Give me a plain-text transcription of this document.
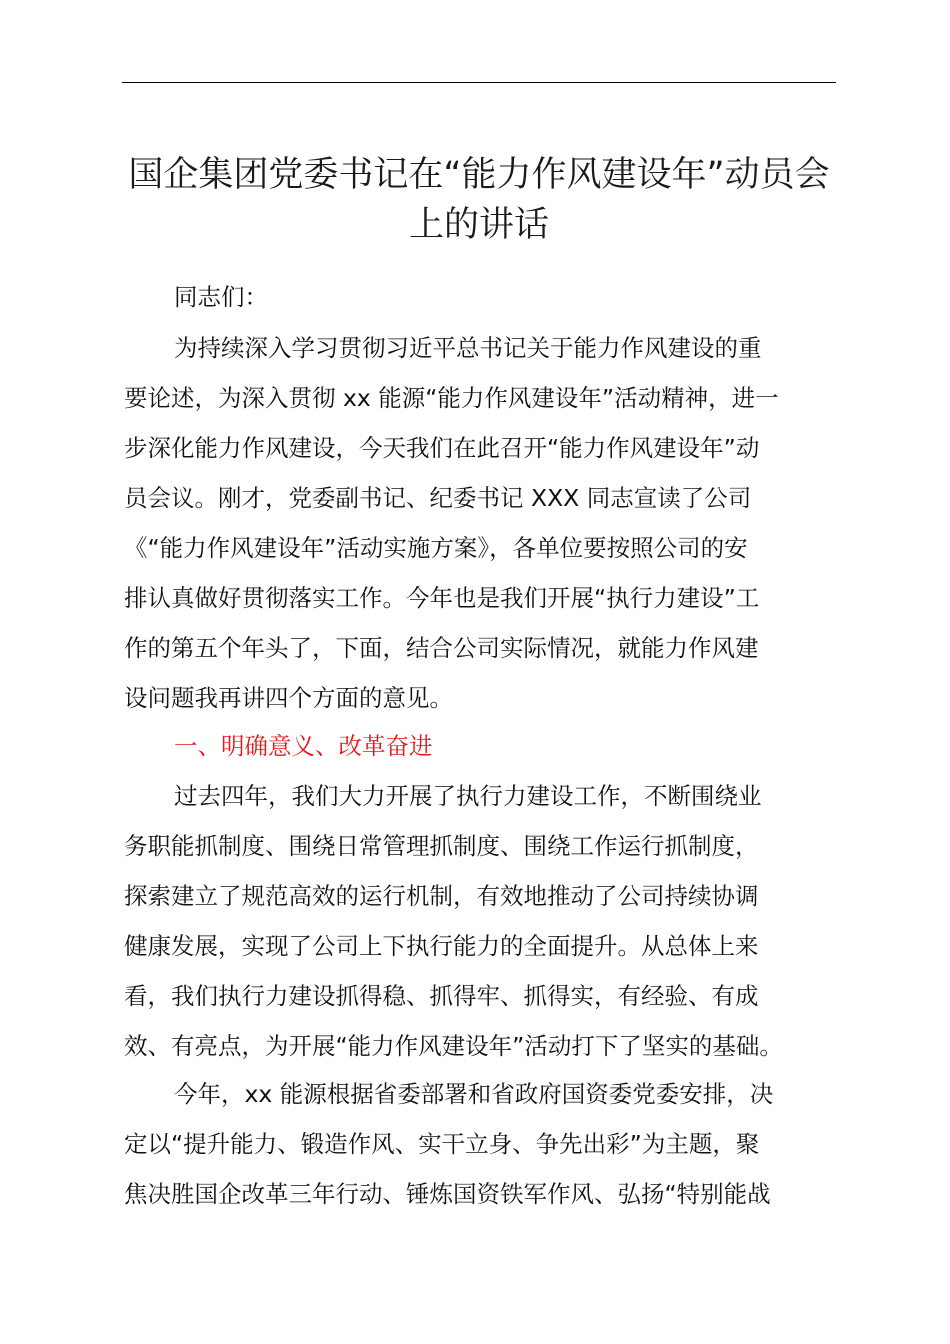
国企集团党委书记在“能力作风建设年”动员会
上的讲话

同志们：

为持续深入学习贯彻习近平总书记关于能力作风建设的重
要论述，为深入贯彻 xx 能源“能力作风建设年”活动精神，进一
步深化能力作风建设，今天我们在此召开“能力作风建设年”动
员会议。刚才，党委副书记、纪委书记 XXX 同志宣读了公司
《“能力作风建设年”活动实施方案》，各单位要按照公司的安
排认真做好贯彻落实工作。今年也是我们开展“执行力建设”工
作的第五个年头了，下面，结合公司实际情况，就能力作风建
设问题我再讲四个方面的意见。

一、明确意义、改革奋进

过去四年，我们大力开展了执行力建设工作，不断围绕业
务职能抓制度、围绕日常管理抓制度、围绕工作运行抓制度，
探索建立了规范高效的运行机制，有效地推动了公司持续协调
健康发展，实现了公司上下执行能力的全面提升。从总体上来
看，我们执行力建设抓得稳、抓得牢、抓得实，有经验、有成
效、有亮点，为开展“能力作风建设年”活动打下了坚实的基础。
今年，xx 能源根据省委部署和省政府国资委党委安排，决
定以“提升能力、锻造作风、实干立身、争先出彩”为主题，聚
焦决胜国企改革三年行动、锤炼国资铁军作风、弘扬“特别能战
